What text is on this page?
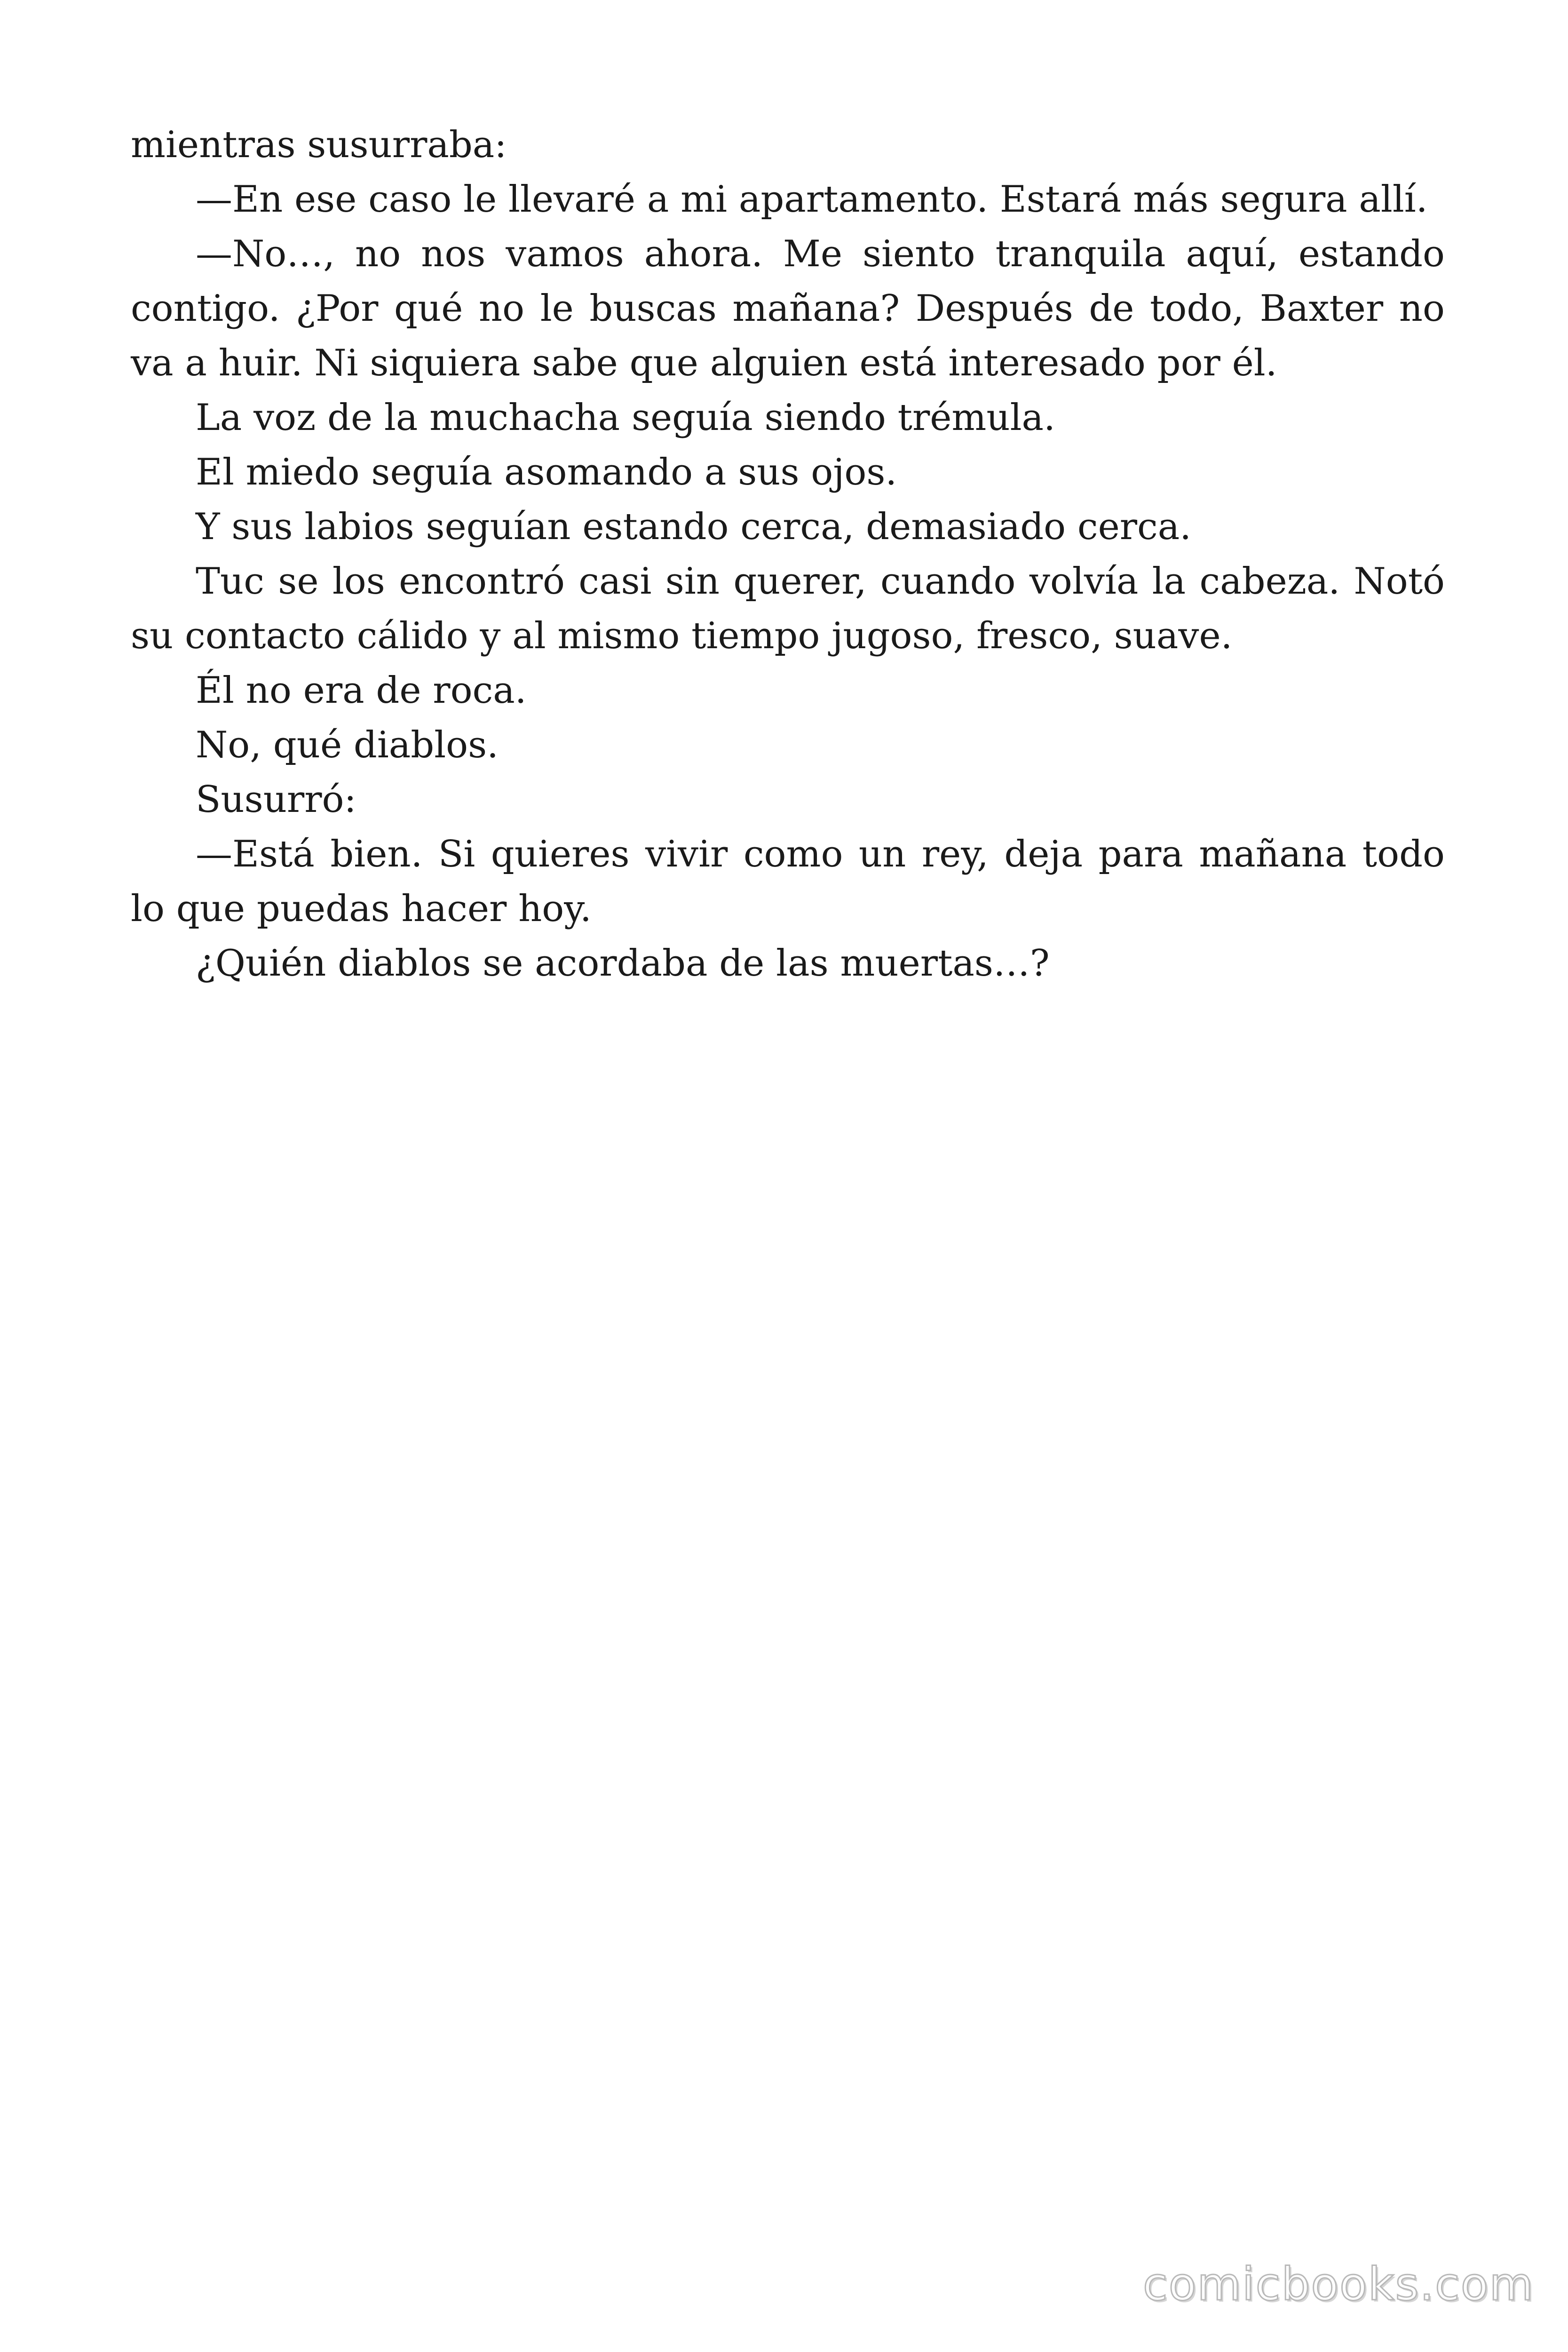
mientras susurraba:

—En ese caso le llevaré a mi apartamento. Estará más segura allí.

—No…, no nos vamos ahora. Me siento tranquila aquí, estando contigo. ¿Por qué no le buscas mañana? Después de todo, Baxter no va a huir. Ni siquiera sabe que alguien está interesado por él.

La voz de la muchacha seguía siendo trémula.

El miedo seguía asomando a sus ojos.

Y sus labios seguían estando cerca, demasiado cerca.

Tuc se los encontró casi sin querer, cuando volvía la cabeza. Notó su contacto cálido y al mismo tiempo jugoso, fresco, suave.

Él no era de roca.

No, qué diablos.

Susurró:

—Está bien. Si quieres vivir como un rey, deja para mañana todo lo que puedas hacer hoy.

¿Quién diablos se acordaba de las muertas…?

comicbooks.com
